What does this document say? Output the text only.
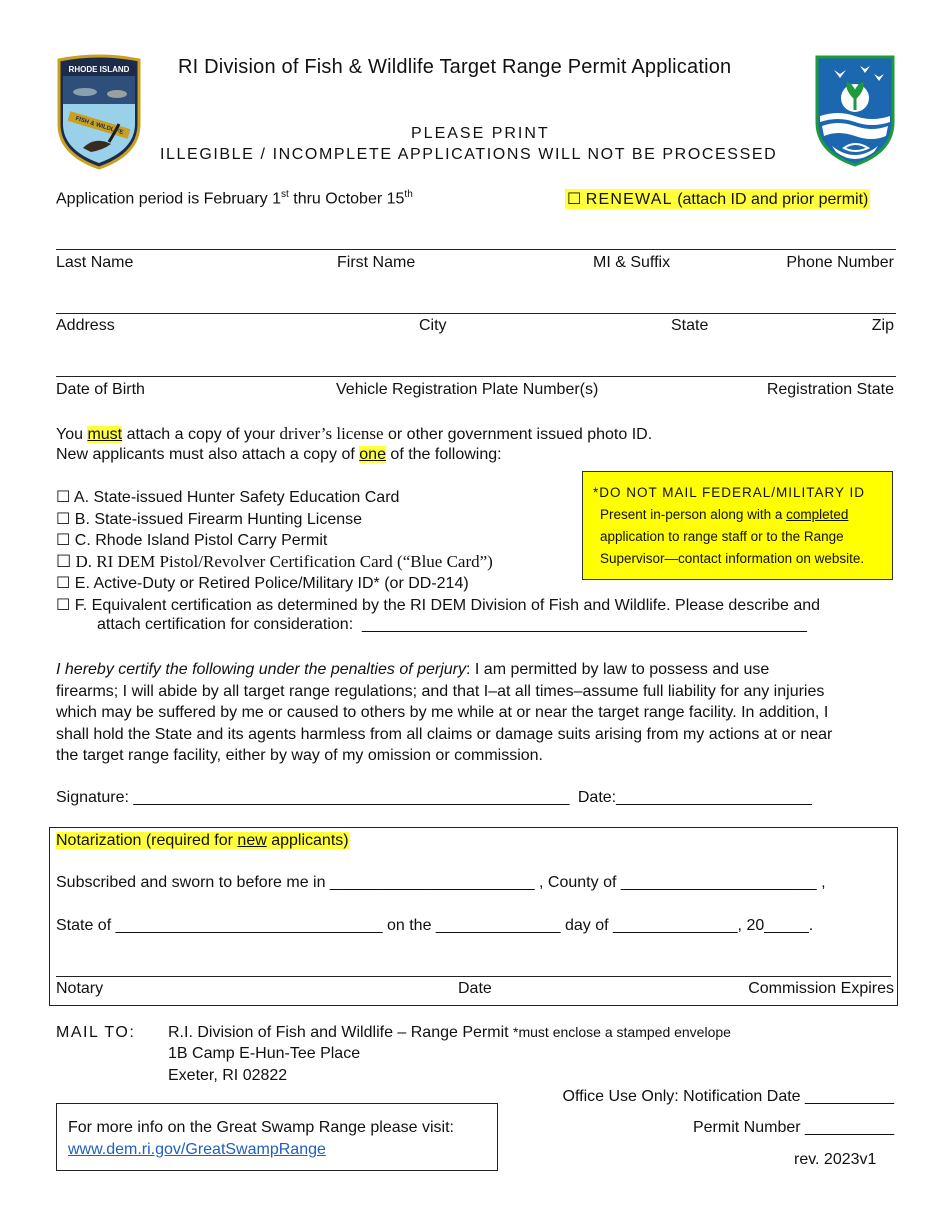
RHODE ISLAND
FISH & WILDLIFE
RI Division of Fish & Wildlife Target Range Permit Application
PLEASE PRINT
ILLEGIBLE / INCOMPLETE APPLICATIONS WILL NOT BE PROCESSED
Application period is February 1st thru October 15th	☐ RENEWAL (attach ID and prior permit)
Last Name	First Name	MI & Suffix	Phone Number
Address	City	State	Zip
Date of Birth	Vehicle Registration Plate Number(s)	Registration State
You must attach a copy of your driver’s license or other government issued photo ID.
New applicants must also attach a copy of one of the following:
☐ A. State-issued Hunter Safety Education Card
☐ B. State-issued Firearm Hunting License
☐ C. Rhode Island Pistol Carry Permit
☐ D. RI DEM Pistol/Revolver Certification Card (“Blue Card”)
☐ E. Active-Duty or Retired Police/Military ID* (or DD-214)
☐ F. Equivalent certification as determined by the RI DEM Division of Fish and Wildlife. Please describe and
attach certification for consideration: __________________________________________________
*DO NOT MAIL FEDERAL/MILITARY ID
Present in-person along with a completed
application to range staff or to the Range
Supervisor—contact information on website.
I hereby certify the following under the penalties of perjury: I am permitted by law to possess and use
firearms; I will abide by all target range regulations; and that I–at all times–assume full liability for any injuries
which may be suffered by me or caused to others by me while at or near the target range facility. In addition, I
shall hold the State and its agents harmless from all claims or damage suits arising from my actions at or near
the target range facility, either by way of my omission or commission.
Signature: _________________________________________________ Date:______________________
Notarization (required for new applicants)
Subscribed and sworn to before me in _______________________ , County of ______________________ ,
State of ______________________________ on the ______________ day of ______________, 20_____.
Notary	Date	Commission Expires
MAIL TO: R.I. Division of Fish and Wildlife – Range Permit *must enclose a stamped envelope
1B Camp E-Hun-Tee Place
Exeter, RI 02822
Office Use Only: Notification Date __________
Permit Number __________
rev. 2023v1
For more info on the Great Swamp Range please visit:
www.dem.ri.gov/GreatSwampRange
